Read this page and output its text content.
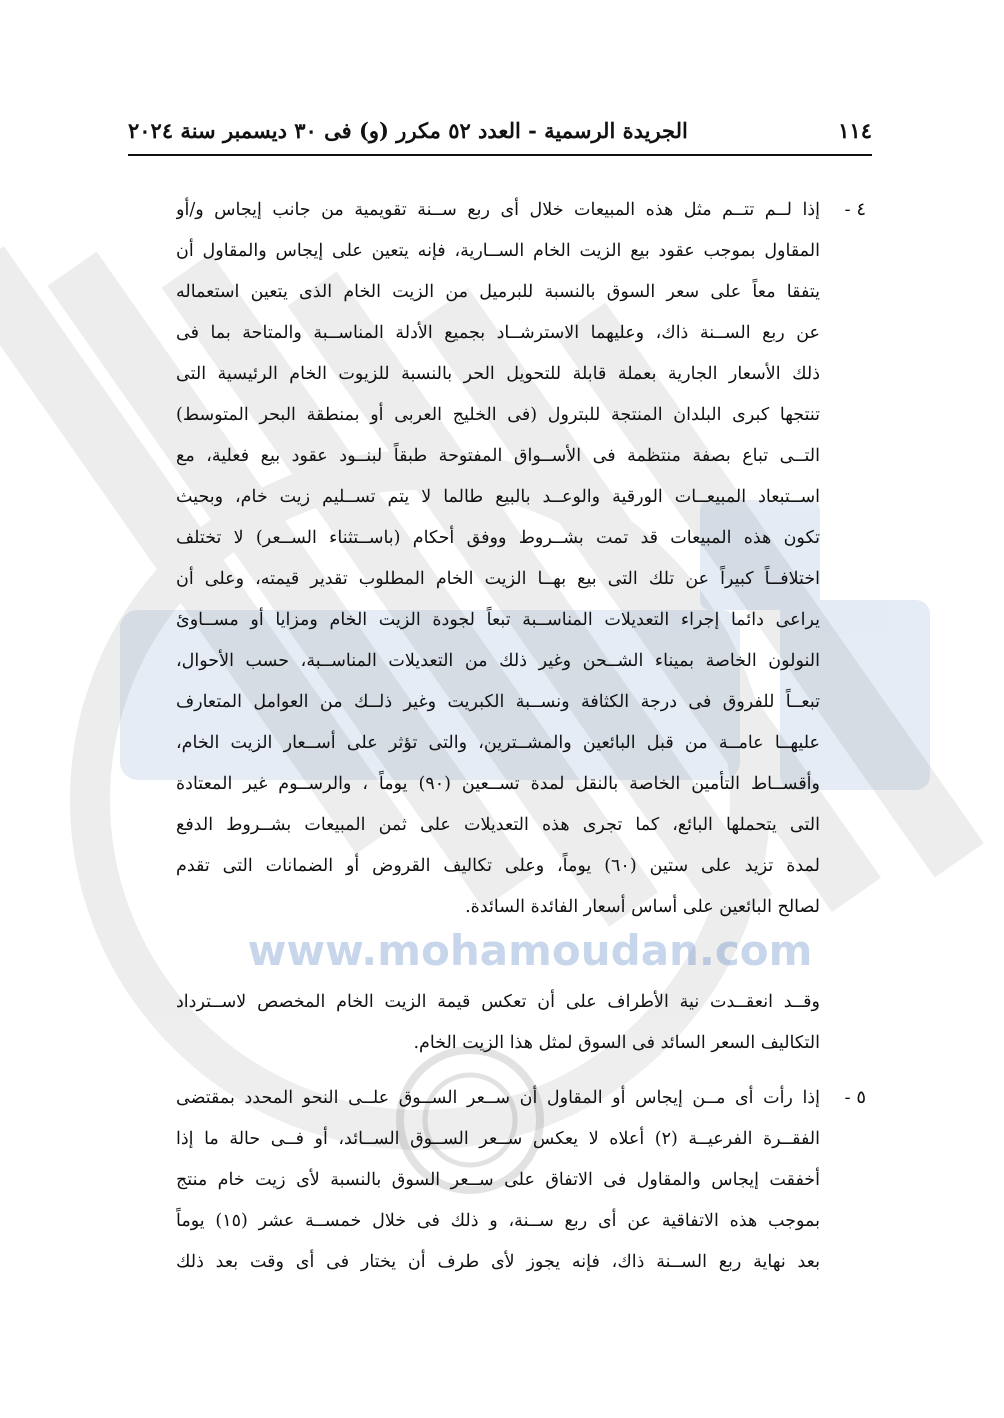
www.mohamoudan.com
١١٤
الجريدة الرسمية - العدد ٥٢ مكرر (و) فى ٣٠ ديسمبر سنة ٢٠٢٤
٤ -
إذا لــم تتــم مثل هذه المبيعات خلال أى ربع ســنة تقويمية من جانب إيجاس و/أو
المقاول بموجب عقود بيع الزيت الخام الســارية، فإنه يتعين على إيجاس والمقاول أن
يتفقا معاً على سعر السوق بالنسبة للبرميل من الزيت الخام الذى يتعين استعماله
عن ربع الســنة ذاك، وعليهما الاسترشــاد بجميع الأدلة المناســبة والمتاحة بما فى
ذلك الأسعار الجارية بعملة قابلة للتحويل الحر بالنسبة للزيوت الخام الرئيسية التى
تنتجها كبرى البلدان المنتجة للبترول (فى الخليج العربى أو بمنطقة البحر المتوسط)
التــى تباع بصفة منتظمة فى الأســواق المفتوحة طبقاً لبنــود عقود بيع فعلية، مع
اســتبعاد المبيعــات الورقية والوعــد بالبيع طالما لا يتم تســليم زيت خام، وبحيث
تكون هذه المبيعات قد تمت بشــروط ووفق أحكام (باســتثناء الســعر) لا تختلف
اختلافــاً كبيراً عن تلك التى بيع بهــا الزيت الخام المطلوب تقدير قيمته، وعلى أن
يراعى دائما إجراء التعديلات المناســبة تبعاً لجودة الزيت الخام ومزايا أو مســاوئ
النولون الخاصة بميناء الشــحن وغير ذلك من التعديلات المناســبة، حسب الأحوال،
تبعــاً للفروق فى درجة الكثافة ونســبة الكبريت وغير ذلــك من العوامل المتعارف
عليهــا عامــة من قبل البائعين والمشــترين، والتى تؤثر على أســعار الزيت الخام،
وأقســاط التأمين الخاصة بالنقل لمدة تســعين (٩٠) يوماً ، والرســوم غير المعتادة
التى يتحملها البائع، كما تجرى هذه التعديلات على ثمن المبيعات بشــروط الدفع
لمدة تزيد على ستين (٦٠) يوماً، وعلى تكاليف القروض أو الضمانات التى تقدم
لصالح البائعين على أساس أسعار الفائدة السائدة.
وقــد انعقــدت نية الأطراف على أن تعكس قيمة الزيت الخام المخصص لاســترداد
التكاليف السعر السائد فى السوق لمثل هذا الزيت الخام.
٥ -
إذا رأت أى مــن إيجاس أو المقاول أن ســعر الســوق علــى النحو المحدد بمقتضى
الفقــرة الفرعيــة (٢) أعلاه لا يعكس ســعر الســوق الســائد، أو فــى حالة ما إذا
أخفقت إيجاس والمقاول فى الاتفاق على ســعر السوق بالنسبة لأى زيت خام منتج
بموجب هذه الاتفاقية عن أى ربع ســنة، و ذلك فى خلال خمســة عشر (١٥) يوماً
بعد نهاية ربع الســنة ذاك، فإنه يجوز لأى طرف أن يختار فى أى وقت بعد ذلك
